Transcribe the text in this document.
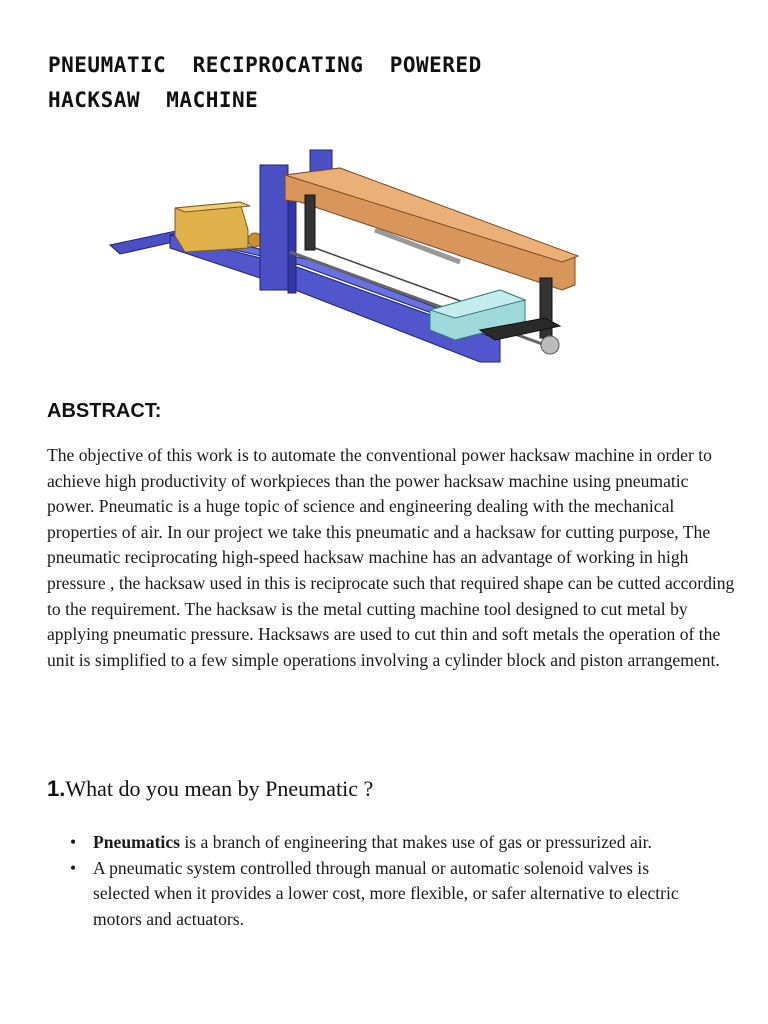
PNEUMATIC  RECIPROCATING  POWERED
HACKSAW  MACHINE
ABSTRACT:
The objective of this work is to automate the conventional power hacksaw machine in order to achieve high productivity of workpieces than the power hacksaw machine using pneumatic power. Pneumatic is a huge topic of science and engineering dealing with the mechanical properties of air. In our project we take this pneumatic and a hacksaw for cutting purpose, The pneumatic reciprocating high-speed hacksaw machine has an advantage of working in high pressure , the hacksaw used in this is reciprocate such that required shape can be cutted according to the requirement. The hacksaw is the metal cutting machine tool designed to cut metal by applying pneumatic pressure. Hacksaws are used to cut thin and soft metals the operation of the unit is simplified to a few simple operations involving a cylinder block and piston arrangement.
1.What do you mean by Pneumatic ?
• Pneumatics is a branch of engineering that makes use of gas or pressurized air.
• A pneumatic system controlled through manual or automatic solenoid valves is selected when it provides a lower cost, more flexible, or safer alternative to electric motors and actuators.
